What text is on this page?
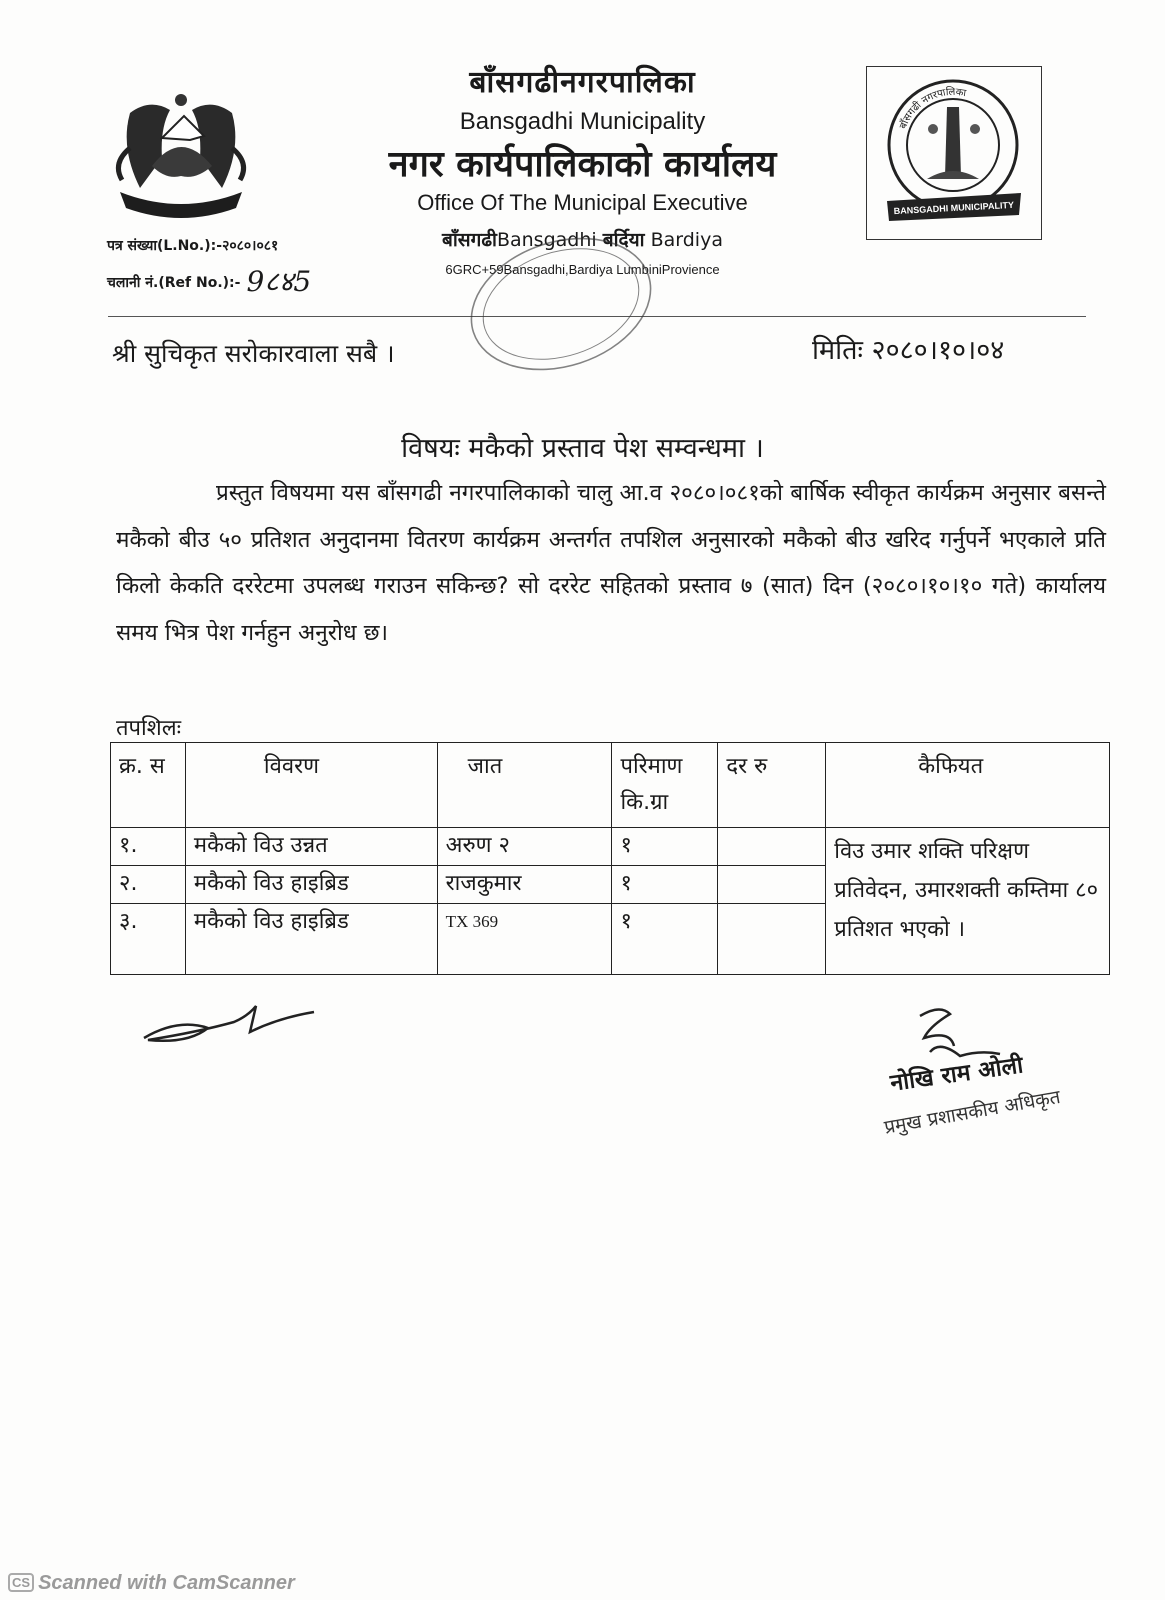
बाँसगढीनगरपालिका
Bansgadhi Municipality
नगर कार्यपालिकाको कार्यालय
Office Of The Municipal Executive
बाँसगढीBansgadhi बर्दिया Bardiya
6GRC+59Bansgadhi,Bardiya LumbiniProvience
पत्र संख्या(L.No.):-२०८०।०८१
चलानी नं.(Ref No.):- 9८४5
बाँसगढी नगरपालिका
BANSGADHI MUNICIPALITY
श्री सुचिकृत सरोकारवाला सबै ।	मितिः २०८०।१०।०४
विषयः मकैको प्रस्ताव पेश सम्वन्धमा ।
प्रस्तुत विषयमा यस बाँसगढी नगरपालिकाको चालु आ.व २०८०।०८१को बार्षिक स्वीकृत कार्यक्रम अनुसार बसन्ते मकैको बीउ ५० प्रतिशत अनुदानमा वितरण कार्यक्रम अन्तर्गत तपशिल अनुसारको मकैको बीउ खरिद गर्नुपर्ने भएकाले प्रति किलो केकति दररेटमा उपलब्ध गराउन सकिन्छ? सो दररेट सहितको प्रस्ताव ७ (सात) दिन (२०८०।१०।१० गते) कार्यालय समय भित्र पेश गर्नहुन अनुरोध छ।
तपशिलः
क्र. स	विवरण	जात	परिमाण कि.ग्रा	दर रु	कैफियत
१.	मकैको विउ उन्नत	अरुण २	१		विउ उमार शक्ति परिक्षण प्रतिवेदन, उमारशक्ती कम्तिमा ८० प्रतिशत भएको ।
२.	मकैको विउ हाइब्रिड	राजकुमार	१		
३.	मकैको विउ हाइब्रिड	TX 369	१		
नोखि राम ओली
प्रमुख प्रशासकीय अधिकृत
CS Scanned with CamScanner
